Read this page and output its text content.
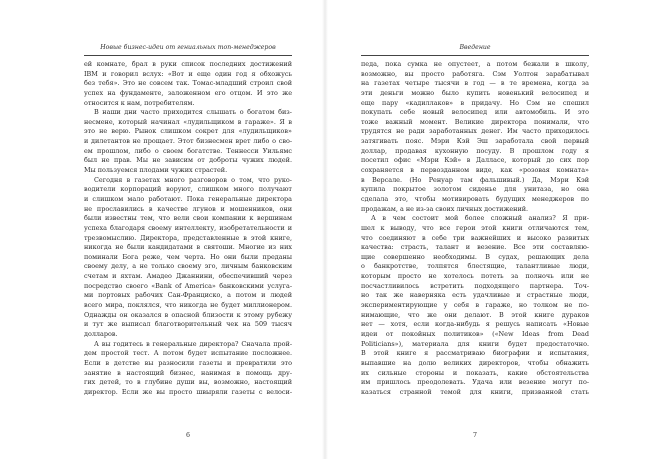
Новые бизнес-идеи от гениальных топ-менеджеров
ей комнате, брал в руки список последних достижений
IBM и говорил вслух: «Вот и еще один год я обхожусь
без тебя». Это не совсем так. Томас-младший строил свой
успех на фундаменте, заложенном его отцом. И это же
относится к нам, потребителям.
В наши дни часто приходится слышать о богатом биз-
несмене, который начинал «лудильщиком в гараже». Я в
это не верю. Рынок слишком сокрет для «лудильщиков»
и дилетантов не прощает. Этот бизнесмен врет либо о сво-
ем прошлом, либо о своем богатстве. Теннесси Уильямс
был не прав. Мы не зависим от доброты чужих людей.
Мы пользуемся плодами чужих страстей.
Сегодня в газетах много разговоров о том, что руко-
водители корпораций воруют, слишком много получают
и слишком мало работают. Пока генеральные директора
не прославились в качестве лгунов и мошенников, они
были известны тем, что вели свои компании к вершинам
успеха благодаря своему интеллекту, изобретательности и
трезвомыслию. Директора, представленные в этой книге,
никогда не были кандидатами в святоши. Многие из них
поминали Бога реже, чем черта. Но они были преданы
своему делу, а не только своему эго, личным банковским
счетам и яхтам. Амадео Джаннини, обеспечивший через
посредство своего «Bank of America» банковскими услуга-
ми портовых рабочих Сан-Франциско, а потом и людей
всего мира, поклялся, что никогда не будет миллионером.
Однажды он оказался в опасной близости к этому рубежу
и тут же выписал благотворительный чек на 509 тысяч
долларов.
А вы годитесь в генеральные директора? Сначала прой-
дем простой тест. А потом будет испытание посложнее.
Если в детстве вы разносили газеты и превратили это
занятие в настоящий бизнес, нанимая в помощь дру-
гих детей, то в глубине души вы, возможно, настоящий
директор. Если же вы просто швыряли газеты с велоси-
6
Введение
педа, пока сумка не опустеет, а потом бежали в школу,
возможно, вы просто работяга. Сэм Уолтон зарабатывал
на газетах четыре тысячи в год — в те времена, когда за
эти деньги можно было купить новенький велосипед и
еще пару «кадиллаков» в придачу. Но Сэм не спешил
покупать себе новый велосипед или автомобиль. И это
тоже важный момент. Великие директора понимали, что
трудятся не ради заработанных денег. Им часто приходилось
затягивать пояс. Мэри Кэй Эш заработала свой первый
доллар, продавая кухонную посуду. В прошлом году я
посетил офис «Мэри Кэй» в Далласе, который до сих пор
сохраняется в первозданном виде, как «розовая комната»
в Версале. (Но Ренуар там фальшивый.) Да, Мэри Кэй
купила покрытое золотом сиденье для унитаза, но она
сделала это, чтобы мотивировать будущих менеджеров по
продажам, а не из-за своих личных достижений.
А в чем состоит мой более сложный анализ? Я при-
шел к выводу, что все герои этой книги отличаются тем,
что соединяют в себе три важнейших и высоко развитых
качества: страсть, талант и везение. Все эти составляю-
щие совершенно необходимы. В судах, решающих дела
о банкротстве, толпятся блестящие, талантливые люди,
которым просто не хотелось потеть за полночь или не
посчастливилось встретить подходящего партнера. Точ-
но так же наверняка есть удачливые и страстные люди,
экспериментирующие у себя в гараже, но толком не по-
нимающие, что же они делают. В этой книге дураков
нет — хотя, если когда-нибудь я решусь написать «Новые
идеи от покойных политиков» («New Ideas from Dead
Politicians»), материала для книги будет предостаточно.
В этой книге я рассматриваю биографии и испытания,
выпавшие на долю великих директоров, чтобы обнажить
их сильные стороны и показать, какие обстоятельства
им пришлось преодолевать. Удача или везение могут по-
казаться странной темой для книги, призванной стать
7
